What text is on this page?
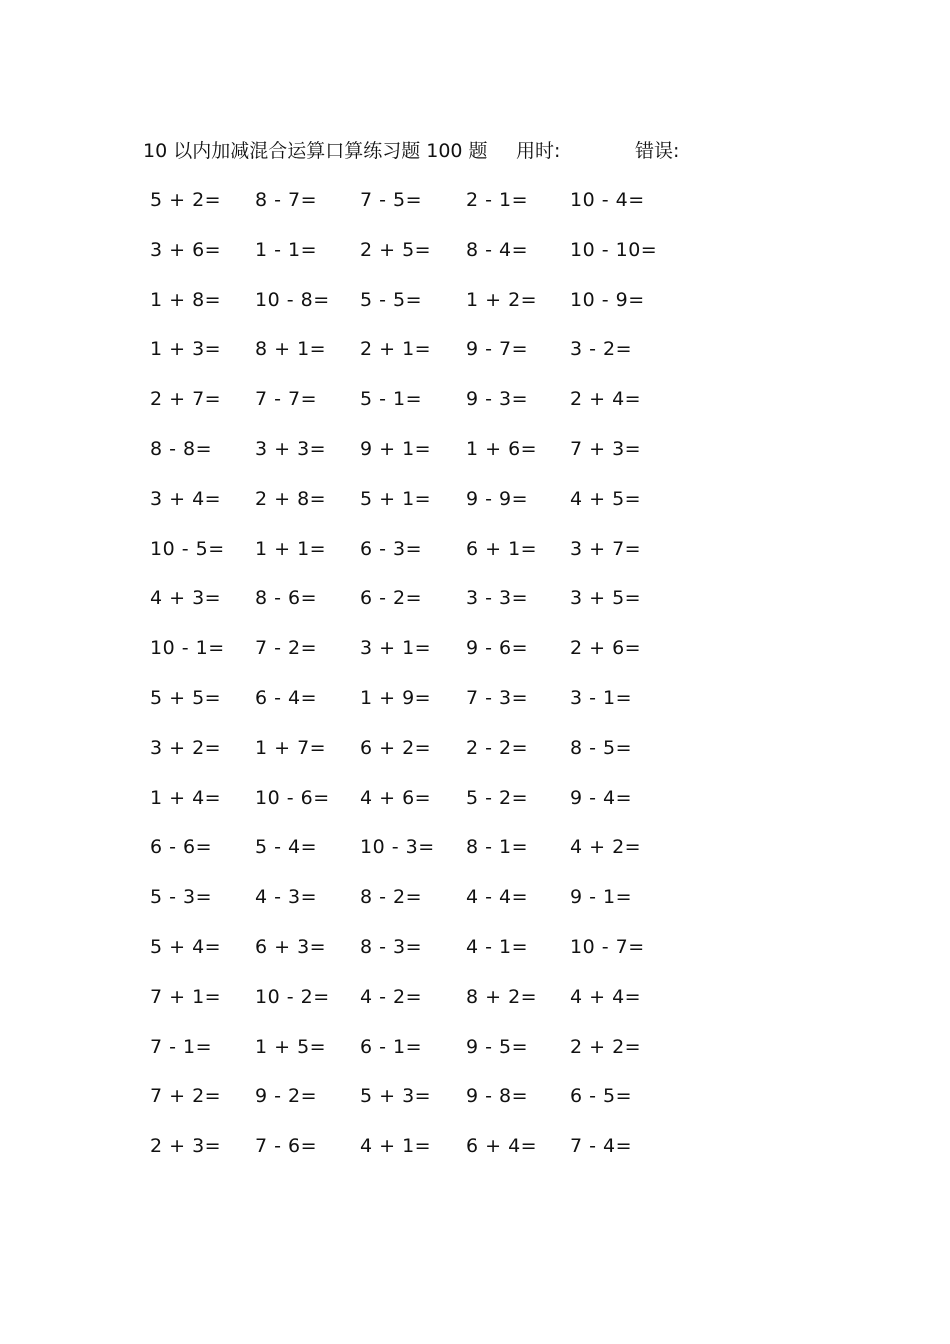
10 以内加减混合运算口算练习题 100 题 用时:	错误:
5 + 2= 8 - 7= 7 - 5= 2 - 1= 10 - 4=
3 + 6= 1 - 1= 2 + 5= 8 - 4= 10 - 10=
1 + 8= 10 - 8= 5 - 5= 1 + 2= 10 - 9=
1 + 3= 8 + 1= 2 + 1= 9 - 7= 3 - 2=
2 + 7= 7 - 7= 5 - 1= 9 - 3= 2 + 4=
8 - 8= 3 + 3= 9 + 1= 1 + 6= 7 + 3=
3 + 4= 2 + 8= 5 + 1= 9 - 9= 4 + 5=
10 - 5= 1 + 1= 6 - 3= 6 + 1= 3 + 7=
4 + 3= 8 - 6= 6 - 2= 3 - 3= 3 + 5=
10 - 1= 7 - 2= 3 + 1= 9 - 6= 2 + 6=
5 + 5= 6 - 4= 1 + 9= 7 - 3= 3 - 1=
3 + 2= 1 + 7= 6 + 2= 2 - 2= 8 - 5=
1 + 4= 10 - 6= 4 + 6= 5 - 2= 9 - 4=
6 - 6= 5 - 4= 10 - 3= 8 - 1= 4 + 2=
5 - 3= 4 - 3= 8 - 2= 4 - 4= 9 - 1=
5 + 4= 6 + 3= 8 - 3= 4 - 1= 10 - 7=
7 + 1= 10 - 2= 4 - 2= 8 + 2= 4 + 4=
7 - 1= 1 + 5= 6 - 1= 9 - 5= 2 + 2=
7 + 2= 9 - 2= 5 + 3= 9 - 8= 6 - 5=
2 + 3= 7 - 6= 4 + 1= 6 + 4= 7 - 4=
